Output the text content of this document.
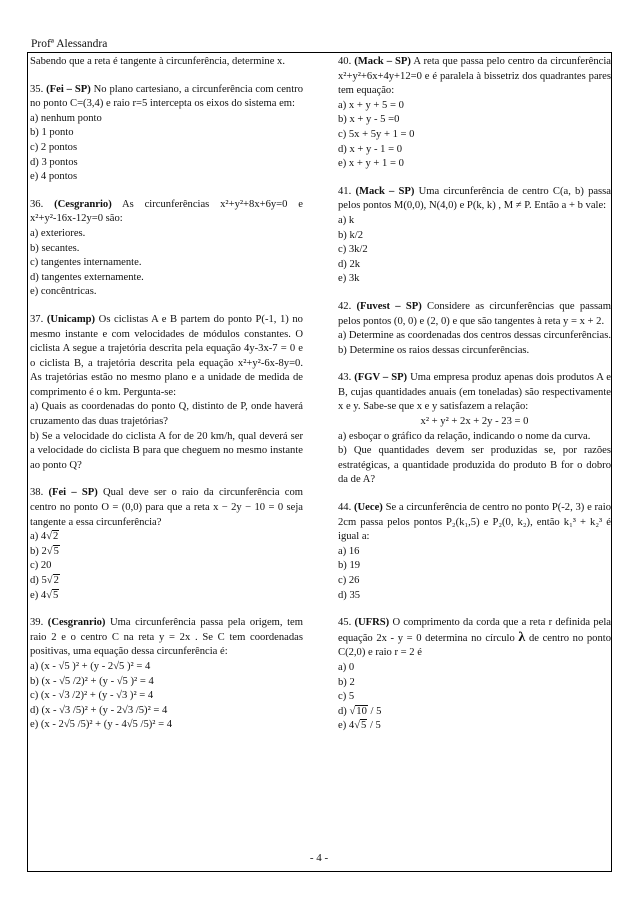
Profª Alessandra

Sabendo que a reta é tangente à circunferência, determine x.

35. (Fei – SP) No plano cartesiano, a circunferência com centro no ponto C=(3,4) e raio r=5 intercepta os eixos do sistema em:

a) nenhum ponto

b) 1 ponto

c) 2 pontos

d) 3 pontos

e) 4 pontos

36. (Cesgranrio) As circunferências x²+y²+8x+6y=0 e x²+y²-16x-12y=0 são:

a) exteriores.

b) secantes.

c) tangentes internamente.

d) tangentes externamente.

e) concêntricas.

37. (Unicamp) Os ciclistas A e B partem do ponto P(-1, 1) no mesmo instante e com velocidades de módulos constantes. O ciclista A segue a trajetória descrita pela equação 4y-3x-7 = 0 e o ciclista B, a trajetória descrita pela equação x²+y²-6x-8y=0. As trajetórias estão no mesmo plano e a unidade de medida de comprimento é o km. Pergunta-se:

a) Quais as coordenadas do ponto Q, distinto de P, onde haverá cruzamento das duas trajetórias?

b) Se a velocidade do ciclista A for de 20 km/h, qual deverá ser a velocidade do ciclista B para que cheguem no mesmo instante ao ponto Q?

38. (Fei – SP) Qual deve ser o raio da circunferência com centro no ponto O = (0,0) para que a reta x − 2y − 10 = 0 seja tangente a essa circunferência?

a) 4√2

b) 2√5

c) 20

d) 5√2

e) 4√5

39. (Cesgranrio) Uma circunferência passa pela origem, tem raio 2 e o centro C na reta y = 2x . Se C tem coordenadas positivas, uma equação dessa circunferência é:

a) (x - √5 )² + (y - 2√5 )² = 4

b) (x - √5 /2)² + (y - √5 )² = 4

c) (x - √3 /2)² + (y - √3 )² = 4

d) (x - √3 /5)² + (y - 2√3 /5)² = 4

e) (x - 2√5 /5)² + (y - 4√5 /5)² = 4

40. (Mack – SP) A reta que passa pelo centro da circunferência x²+y²+6x+4y+12=0 e é paralela à bissetriz dos quadrantes pares tem equação:

a) x + y + 5 = 0

b) x + y - 5 =0

c) 5x + 5y + 1 = 0

d) x + y - 1 = 0

e) x + y + 1 = 0

41. (Mack – SP) Uma circunferência de centro C(a, b) passa pelos pontos M(0,0), N(4,0) e P(k, k) , M ≠ P. Então a + b vale:

a) k

b) k/2

c) 3k/2

d) 2k

e) 3k

42. (Fuvest – SP) Considere as circunferências que passam pelos pontos (0, 0) e (2, 0) e que são tangentes à reta y = x + 2.

a) Determine as coordenadas dos centros dessas circunferências.

b) Determine os raios dessas circunferências.

43. (FGV – SP) Uma empresa produz apenas dois produtos A e B, cujas quantidades anuais (em toneladas) são respectivamente x e y. Sabe-se que x e y satisfazem a relação:

x² + y² + 2x + 2y - 23 = 0

a) esboçar o gráfico da relação, indicando o nome da curva.

b) Que quantidades devem ser produzidas se, por razões estratégicas, a quantidade produzida do produto B for o dobro da de A?

44. (Uece) Se a circunferência de centro no ponto P(-2, 3) e raio 2cm passa pelos pontos P₂(k₁,5) e P₂(0, k₂), então k₁³ + k₂³ é igual a:

a) 16

b) 19

c) 26

d) 35

45. (UFRS) O comprimento da corda que a reta r definida pela equação 2x - y = 0 determina no círculo λ de centro no ponto C(2,0) e raio r = 2 é

a) 0

b) 2

c) 5

d) √10 / 5

e) 4√5 / 5

- 4 -
